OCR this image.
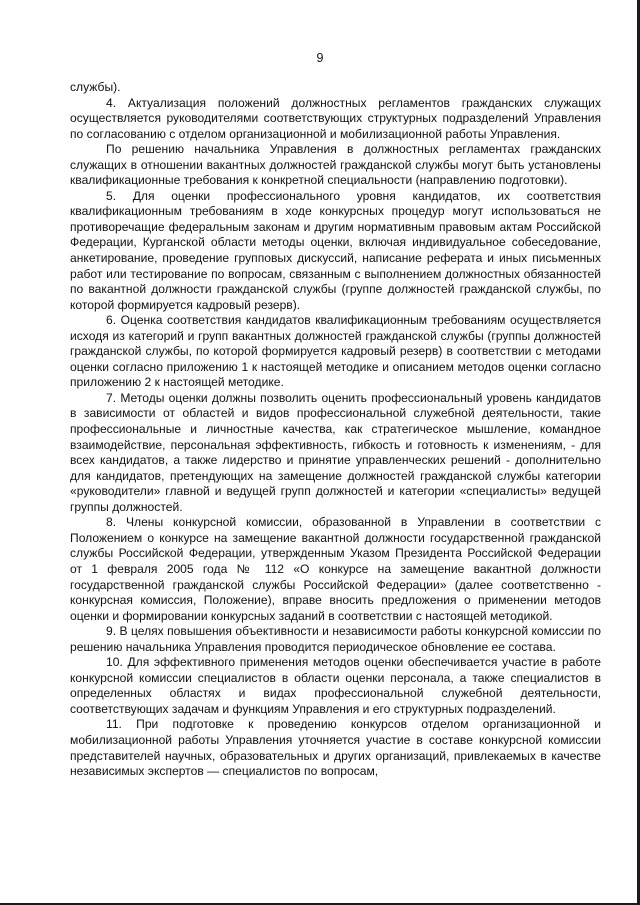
9

службы).

4. Актуализация положений должностных регламентов гражданских служащих осуществляется руководителями соответствующих структурных подразделений Управления по согласованию с отделом организационной и мобилизационной работы Управления.

По решению начальника Управления в должностных регламентах гражданских служащих в отношении вакантных должностей гражданской службы могут быть установлены квалификационные требования к конкретной специальности (направлению подготовки).

5. Для оценки профессионального уровня кандидатов, их соответствия квалификационным требованиям в ходе конкурсных процедур могут использоваться не противоречащие федеральным законам и другим нормативным правовым актам Российской Федерации, Курганской области методы оценки, включая индивидуальное собеседование, анкетирование, проведение групповых дискуссий, написание реферата и иных письменных работ или тестирование по вопросам, связанным с выполнением должностных обязанностей по вакантной должности гражданской службы (группе должностей гражданской службы, по которой формируется кадровый резерв).

6. Оценка соответствия кандидатов квалификационным требованиям осуществляется исходя из категорий и групп вакантных должностей гражданской службы (группы должностей гражданской службы, по которой формируется кадровый резерв) в соответствии с методами оценки согласно приложению 1 к настоящей методике и описанием методов оценки согласно приложению 2 к настоящей методике.

7. Методы оценки должны позволить оценить профессиональный уровень кандидатов в зависимости от областей и видов профессиональной служебной деятельности, такие профессиональные и личностные качества, как стратегическое мышление, командное взаимодействие, персональная эффективность, гибкость и готовность к изменениям, - для всех кандидатов, а также лидерство и принятие управленческих решений - дополнительно для кандидатов, претендующих на замещение должностей гражданской службы категории «руководители» главной и ведущей групп должностей и категории «специалисты» ведущей группы должностей.

8. Члены конкурсной комиссии, образованной в Управлении в соответствии с Положением о конкурсе на замещение вакантной должности государственной гражданской службы Российской Федерации, утвержденным Указом Президента Российской Федерации от 1 февраля 2005 года № 112 «О конкурсе на замещение вакантной должности государственной гражданской службы Российской Федерации» (далее соответственно - конкурсная комиссия, Положение), вправе вносить предложения о применении методов оценки и формировании конкурсных заданий в соответствии с настоящей методикой.

9. В целях повышения объективности и независимости работы конкурсной комиссии по решению начальника Управления проводится периодическое обновление ее состава.

10. Для эффективного применения методов оценки обеспечивается участие в работе конкурсной комиссии специалистов в области оценки персонала, а также специалистов в определенных областях и видах профессиональной служебной деятельности, соответствующих задачам и функциям Управления и его структурных подразделений.

11. При подготовке к проведению конкурсов отделом организационной и мобилизационной работы Управления уточняется участие в составе конкурсной комиссии представителей научных, образовательных и других организаций, привлекаемых в качестве независимых экспертов — специалистов по вопросам,
